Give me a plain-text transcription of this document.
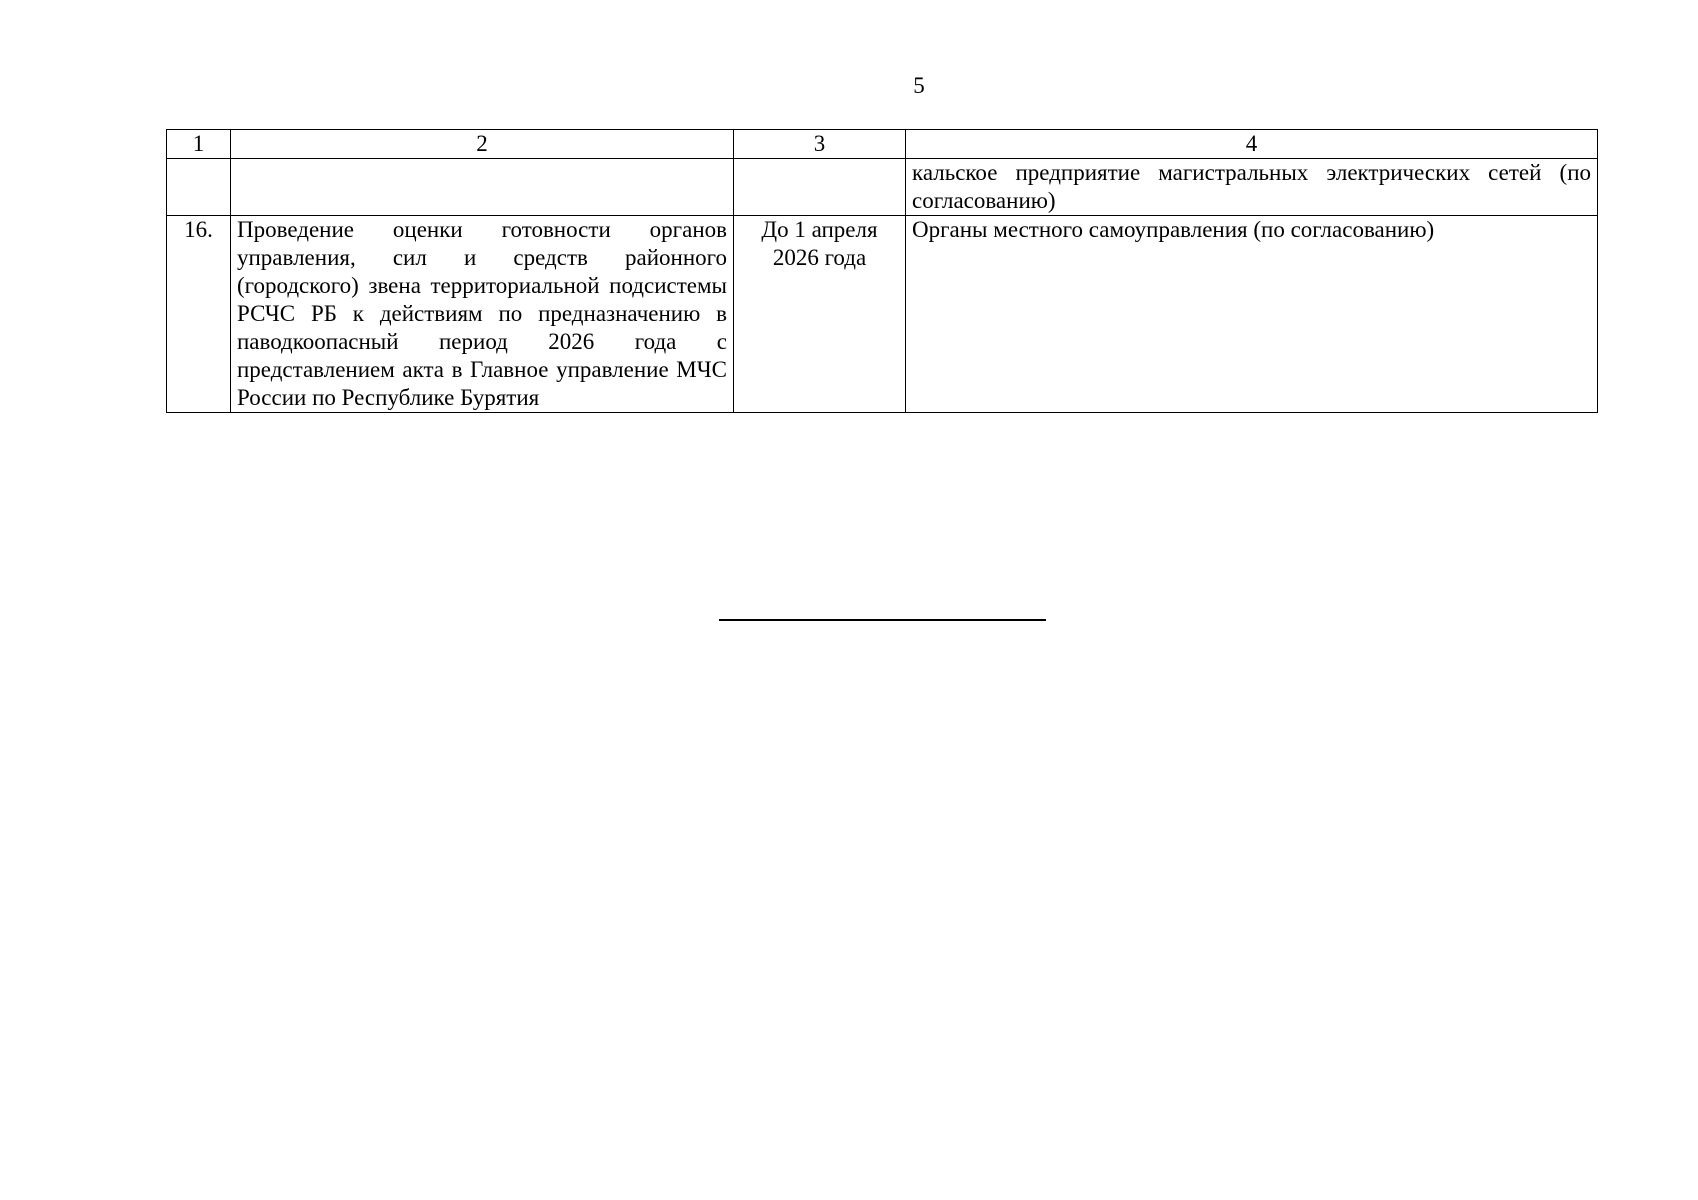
5
1	2	3	4
			кальское предприятие магистральных электрических сетей (по согласованию)
16.	Проведение оценки готовности органов управления, сил и средств районного (городского) звена территориальной подсистемы РСЧС РБ к действиям по предназначению в паводкоопасный период 2026 года с представлением акта в Главное управление МЧС России по Республике Бурятия	До 1 апреля 2026 года	Органы местного самоуправления (по согласованию)
